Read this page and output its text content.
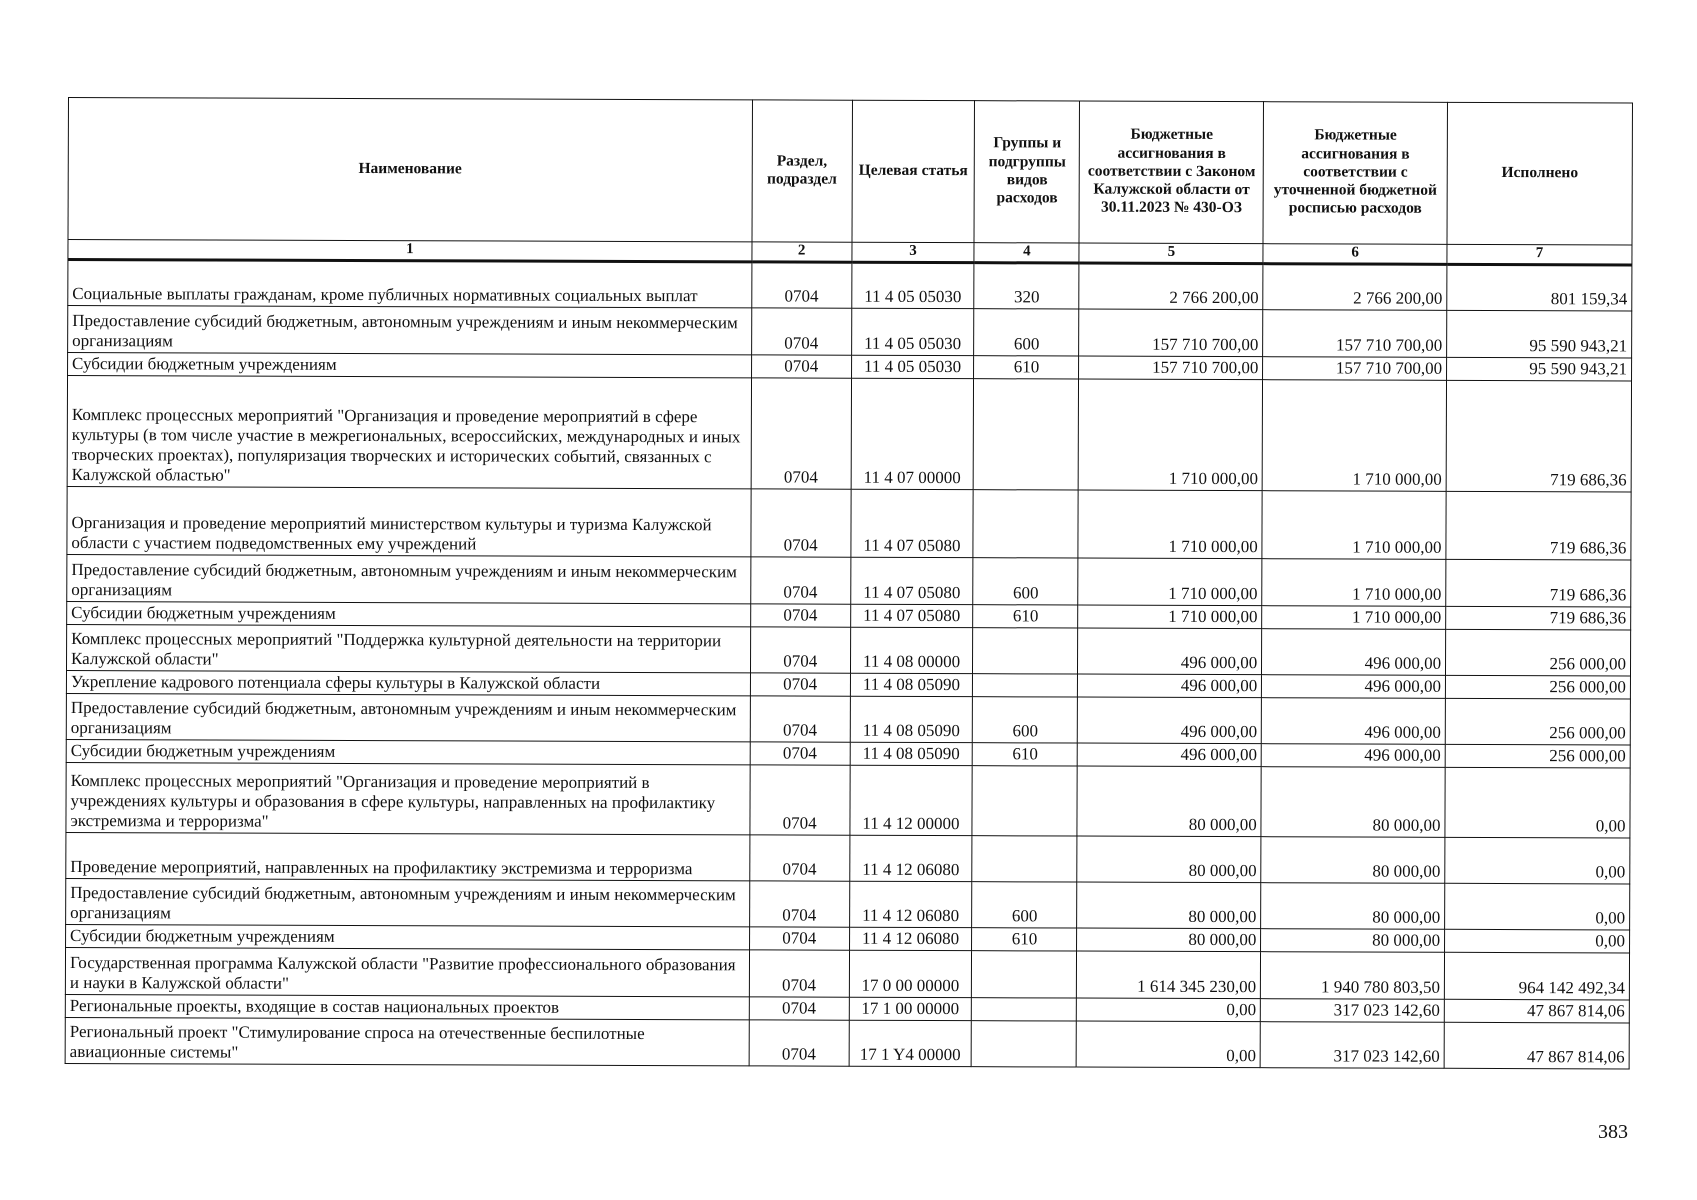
Наименование	Раздел, подраздел	Целевая статья	Группы и подгруппы видов расходов	Бюджетные ассигнования в соответствии с Законом Калужской области от 30.11.2023 № 430-ОЗ	Бюджетные ассигнования в соответствии с уточненной бюджетной росписью расходов	Исполнено
1	2	3	4	5	6	7
Социальные выплаты гражданам, кроме публичных нормативных социальных выплат	0704	11 4 05 05030	320	2 766 200,00	2 766 200,00	801 159,34
Предоставление субсидий бюджетным, автономным учреждениям и иным некоммерческим организациям	0704	11 4 05 05030	600	157 710 700,00	157 710 700,00	95 590 943,21
Субсидии бюджетным учреждениям	0704	11 4 05 05030	610	157 710 700,00	157 710 700,00	95 590 943,21
Комплекс процессных мероприятий "Организация и проведение мероприятий в сфере культуры (в том числе участие в межрегиональных, всероссийских, международных и иных творческих проектах), популяризация творческих и исторических событий, связанных с Калужской областью"	0704	11 4 07 00000		1 710 000,00	1 710 000,00	719 686,36
Организация и проведение мероприятий министерством культуры и туризма Калужской области с участием подведомственных ему учреждений	0704	11 4 07 05080		1 710 000,00	1 710 000,00	719 686,36
Предоставление субсидий бюджетным, автономным учреждениям и иным некоммерческим организациям	0704	11 4 07 05080	600	1 710 000,00	1 710 000,00	719 686,36
Субсидии бюджетным учреждениям	0704	11 4 07 05080	610	1 710 000,00	1 710 000,00	719 686,36
Комплекс процессных мероприятий "Поддержка культурной деятельности на территории Калужской области"	0704	11 4 08 00000		496 000,00	496 000,00	256 000,00
Укрепление кадрового потенциала сферы культуры в Калужской области	0704	11 4 08 05090		496 000,00	496 000,00	256 000,00
Предоставление субсидий бюджетным, автономным учреждениям и иным некоммерческим организациям	0704	11 4 08 05090	600	496 000,00	496 000,00	256 000,00
Субсидии бюджетным учреждениям	0704	11 4 08 05090	610	496 000,00	496 000,00	256 000,00
Комплекс процессных мероприятий "Организация и проведение мероприятий в учреждениях культуры и образования в сфере культуры, направленных на профилактику экстремизма и терроризма"	0704	11 4 12 00000		80 000,00	80 000,00	0,00
Проведение мероприятий, направленных на профилактику экстремизма и терроризма	0704	11 4 12 06080		80 000,00	80 000,00	0,00
Предоставление субсидий бюджетным, автономным учреждениям и иным некоммерческим организациям	0704	11 4 12 06080	600	80 000,00	80 000,00	0,00
Субсидии бюджетным учреждениям	0704	11 4 12 06080	610	80 000,00	80 000,00	0,00
Государственная программа Калужской области "Развитие профессионального образования и науки в Калужской области"	0704	17 0 00 00000		1 614 345 230,00	1 940 780 803,50	964 142 492,34
Региональные проекты, входящие в состав национальных проектов	0704	17 1 00 00000		0,00	317 023 142,60	47 867 814,06
Региональный проект "Стимулирование спроса на отечественные беспилотные авиационные системы"	0704	17 1 Y4 00000		0,00	317 023 142,60	47 867 814,06
383
